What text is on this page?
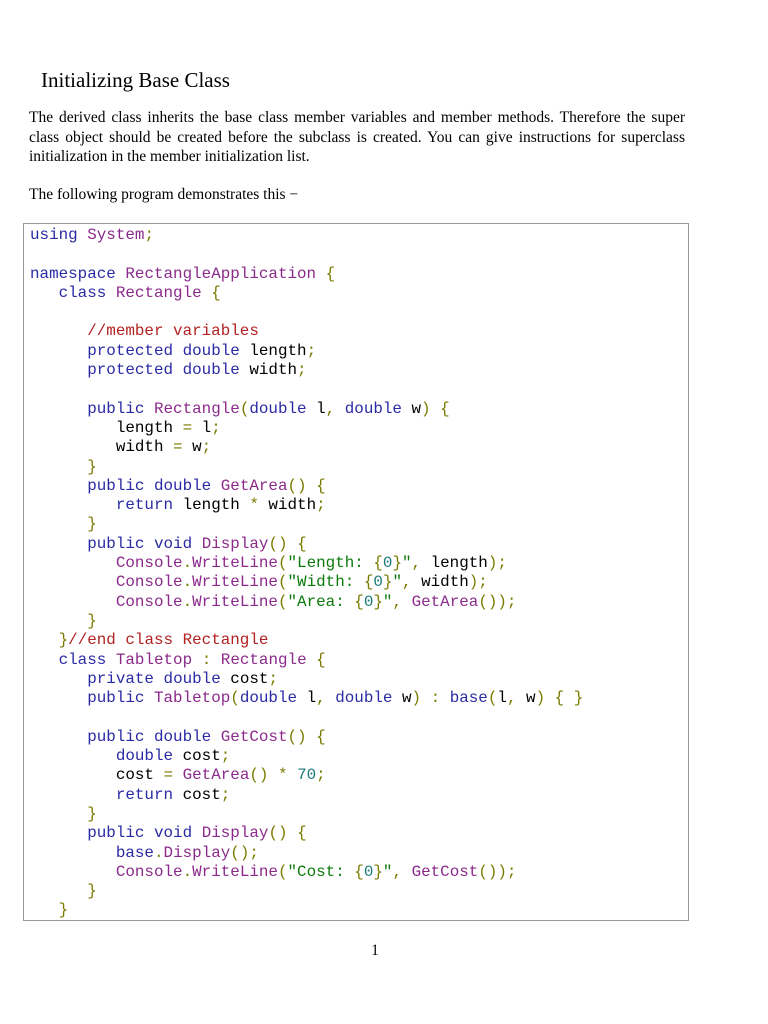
Initializing Base Class
The derived class inherits the base class member variables and member methods. Therefore the super class object should be created before the subclass is created. You can give instructions for superclass initialization in the member initialization list.
The following program demonstrates this −
using System;
namespace RectangleApplication {
class Rectangle {
//member variables
protected double length;
protected double width;
public Rectangle(double l, double w) {
length = l;
width = w;
}
public double GetArea() {
return length * width;
}
public void Display() {
Console.WriteLine("Length: {0}", length);
Console.WriteLine("Width: {0}", width);
Console.WriteLine("Area: {0}", GetArea());
}
}//end class Rectangle
class Tabletop : Rectangle {
private double cost;
public Tabletop(double l, double w) : base(l, w) { }
public double GetCost() {
double cost;
cost = GetArea() * 70;
return cost;
}
public void Display() {
base.Display();
Console.WriteLine("Cost: {0}", GetCost());
}
}
1
